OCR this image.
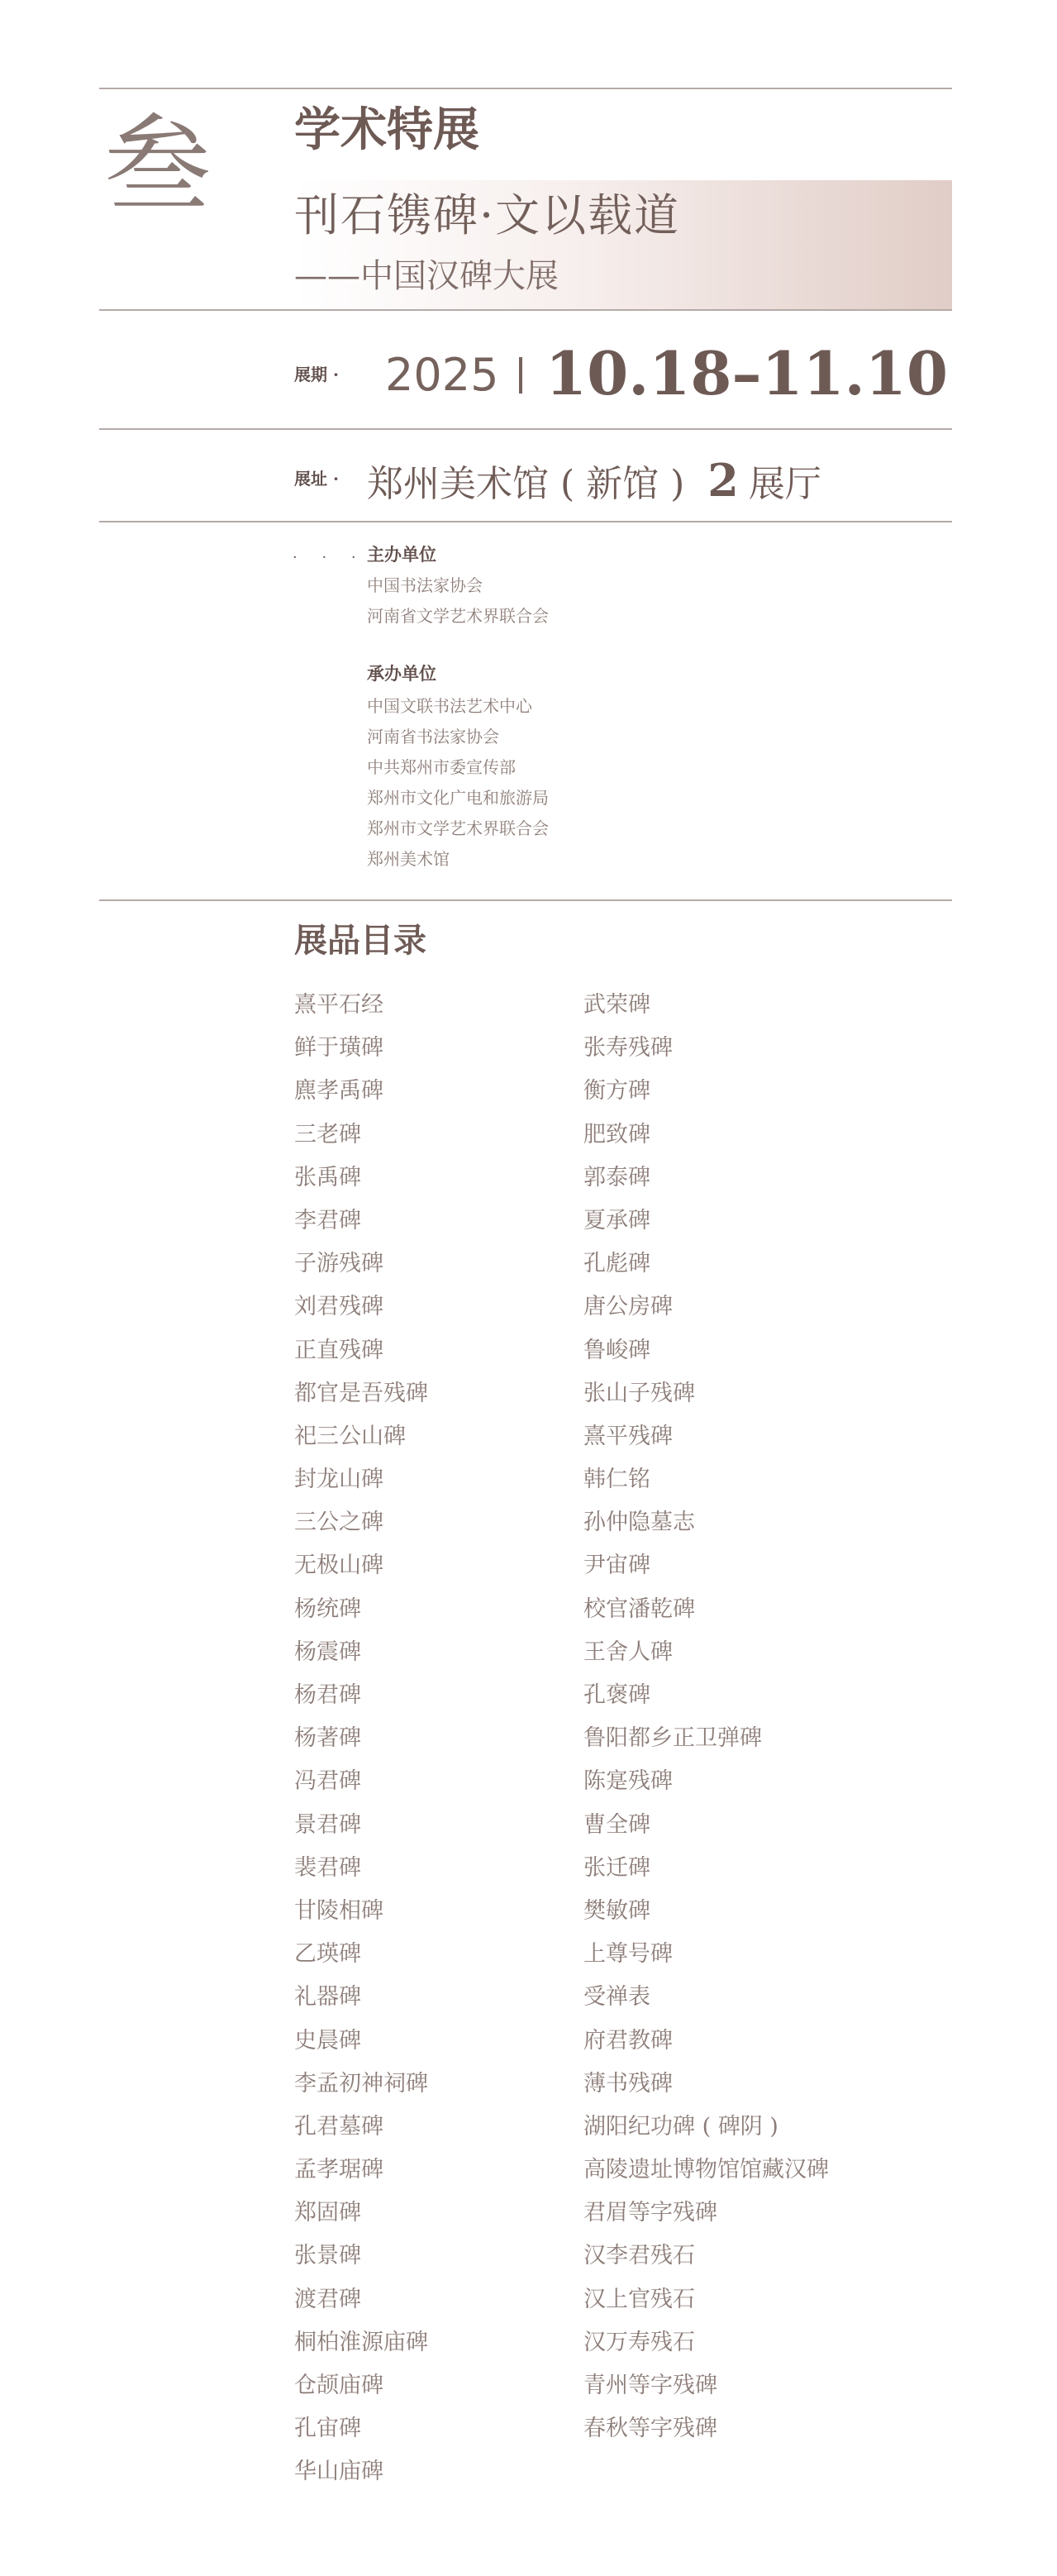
叁 学术特展
刊石镌碑·文以载道
——中国汉碑大展
展期 · 2025 10.18–11.10
展址 · 郑州美术馆 ( 新馆 ) 2 展厅
· · · 主办单位
中国书法家协会
河南省文学艺术界联合会
承办单位
中国文联书法艺术中心
河南省书法家协会
中共郑州市委宣传部
郑州市文化广电和旅游局
郑州市文学艺术界联合会
郑州美术馆
展品目录
熹平石经
鲜于璜碑
麃孝禹碑
三老碑
张禹碑
李君碑
子游残碑
刘君残碑
正直残碑
都官是吾残碑
祀三公山碑
封龙山碑
三公之碑
无极山碑
杨统碑
杨震碑
杨君碑
杨著碑
冯君碑
景君碑
裴君碑
甘陵相碑
乙瑛碑
礼器碑
史晨碑
李孟初神祠碑
孔君墓碑
孟孝琚碑
郑固碑
张景碑
渡君碑
桐柏淮源庙碑
仓颉庙碑
孔宙碑
华山庙碑
武荣碑
张寿残碑
衡方碑
肥致碑
郭泰碑
夏承碑
孔彪碑
唐公房碑
鲁峻碑
张山子残碑
熹平残碑
韩仁铭
孙仲隐墓志
尹宙碑
校官潘乾碑
王舍人碑
孔褒碑
鲁阳都乡正卫弹碑
陈寔残碑
曹全碑
张迁碑
樊敏碑
上尊号碑
受禅表
府君教碑
薄书残碑
湖阳纪功碑 ( 碑阴 )
高陵遗址博物馆馆藏汉碑
君眉等字残碑
汉李君残石
汉上官残石
汉万寿残石
青州等字残碑
春秋等字残碑
